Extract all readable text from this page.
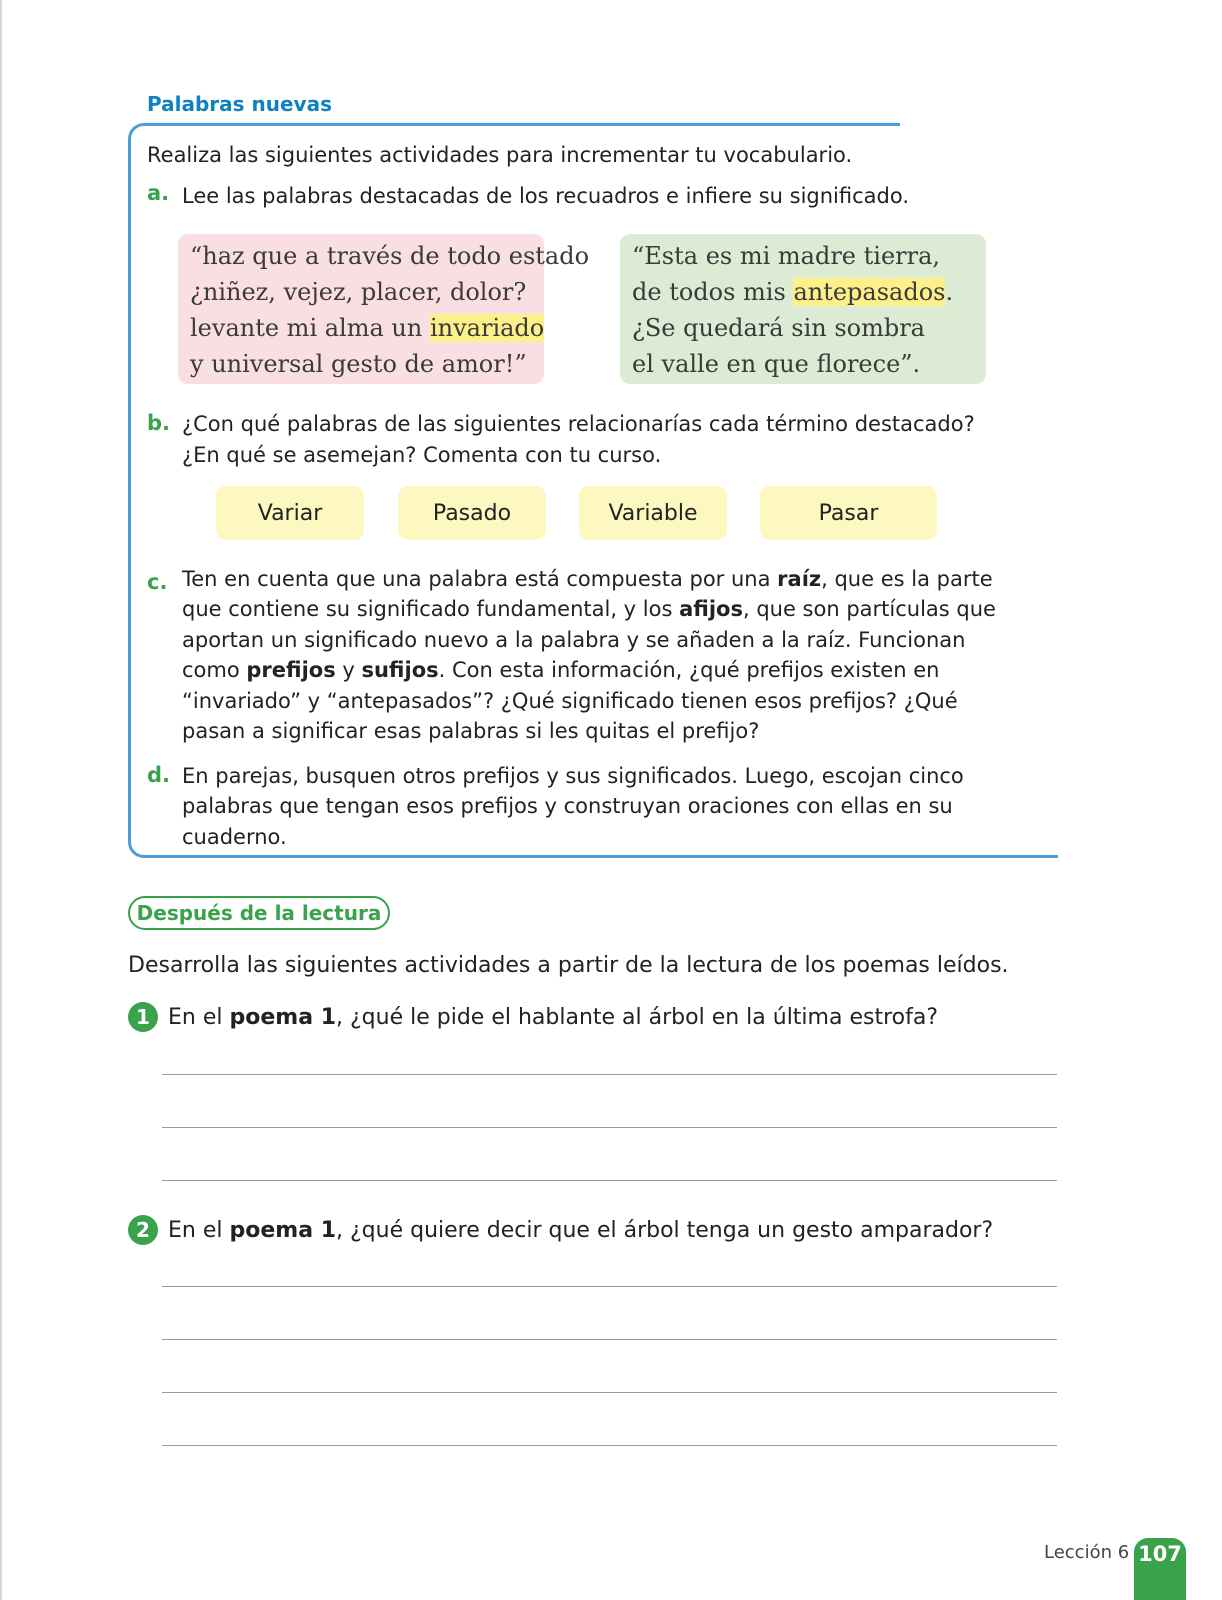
Palabras nuevas
Realiza las siguientes actividades para incrementar tu vocabulario.
a. Lee las palabras destacadas de los recuadros e infiere su significado.
“haz que a través de todo estado
¿niñez, vejez, placer, dolor?
levante mi alma un invariado
y universal gesto de amor!”
“Esta es mi madre tierra,
de todos mis antepasados.
¿Se quedará sin sombra
el valle en que florece”.
b. ¿Con qué palabras de las siguientes relacionarías cada término destacado?
¿En qué se asemejan? Comenta con tu curso.
Variar	Pasado	Variable	Pasar
c. Ten en cuenta que una palabra está compuesta por una raíz, que es la parte
que contiene su significado fundamental, y los afijos, que son partículas que
aportan un significado nuevo a la palabra y se añaden a la raíz. Funcionan
como prefijos y sufijos. Con esta información, ¿qué prefijos existen en
“invariado” y “antepasados”? ¿Qué significado tienen esos prefijos? ¿Qué
pasan a significar esas palabras si les quitas el prefijo?
d. En parejas, busquen otros prefijos y sus significados. Luego, escojan cinco
palabras que tengan esos prefijos y construyan oraciones con ellas en su
cuaderno.
Después de la lectura
Desarrolla las siguientes actividades a partir de la lectura de los poemas leídos.
1 En el poema 1, ¿qué le pide el hablante al árbol en la última estrofa?
2 En el poema 1, ¿qué quiere decir que el árbol tenga un gesto amparador?
Lección 6 107
